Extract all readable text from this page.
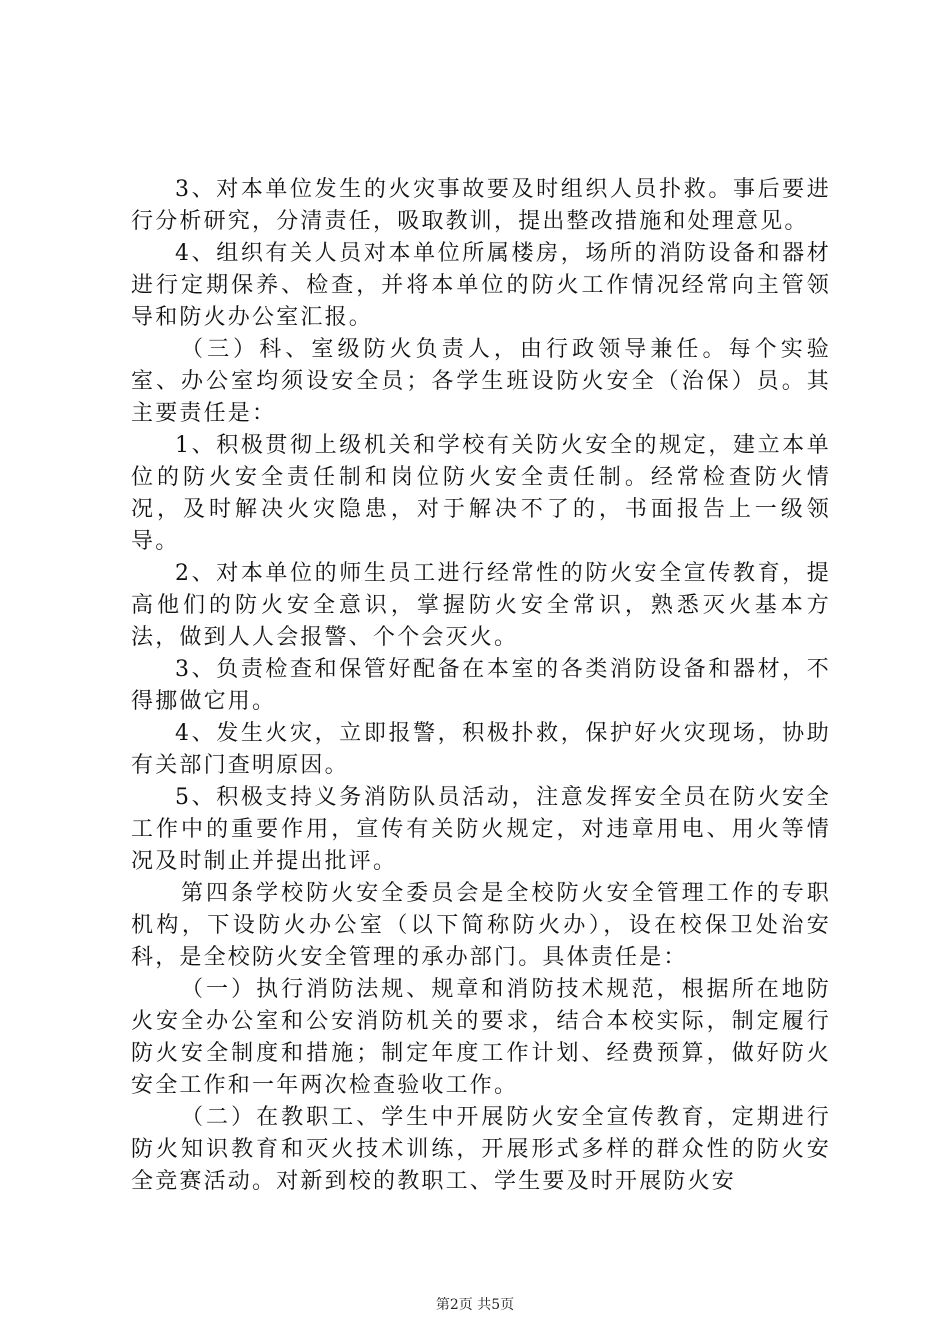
3、对本单位发生的火灾事故要及时组织人员扑救。事后要进行分析研究，分清责任，吸取教训，提出整改措施和处理意见。

4、组织有关人员对本单位所属楼房，场所的消防设备和器材进行定期保养、检查，并将本单位的防火工作情况经常向主管领导和防火办公室汇报。

（三）科、室级防火负责人，由行政领导兼任。每个实验室、办公室均须设安全员；各学生班设防火安全（治保）员。其主要责任是：

1、积极贯彻上级机关和学校有关防火安全的规定，建立本单位的防火安全责任制和岗位防火安全责任制。经常检查防火情况，及时解决火灾隐患，对于解决不了的，书面报告上一级领导。

2、对本单位的师生员工进行经常性的防火安全宣传教育，提高他们的防火安全意识，掌握防火安全常识，熟悉灭火基本方法，做到人人会报警、个个会灭火。

3、负责检查和保管好配备在本室的各类消防设备和器材，不得挪做它用。

4、发生火灾，立即报警，积极扑救，保护好火灾现场，协助有关部门查明原因。

5、积极支持义务消防队员活动，注意发挥安全员在防火安全工作中的重要作用，宣传有关防火规定，对违章用电、用火等情况及时制止并提出批评。

第四条学校防火安全委员会是全校防火安全管理工作的专职机构，下设防火办公室（以下简称防火办），设在校保卫处治安科，是全校防火安全管理的承办部门。具体责任是：

（一）执行消防法规、规章和消防技术规范，根据所在地防火安全办公室和公安消防机关的要求，结合本校实际，制定履行防火安全制度和措施；制定年度工作计划、经费预算，做好防火安全工作和一年两次检查验收工作。

（二）在教职工、学生中开展防火安全宣传教育，定期进行防火知识教育和灭火技术训练，开展形式多样的群众性的防火安全竞赛活动。对新到校的教职工、学生要及时开展防火安

第2页 共5页
